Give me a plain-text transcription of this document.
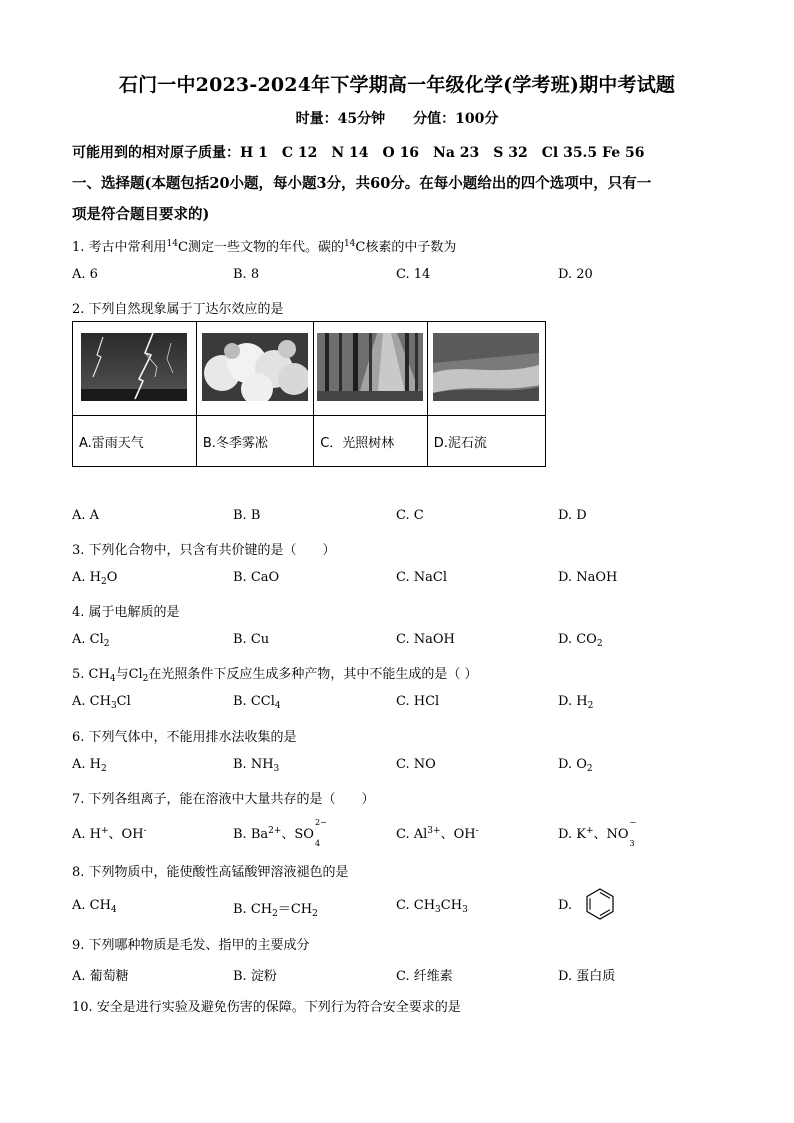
石门一中2023-2024年下学期高一年级化学(学考班)期中考试题
时量：45分钟 分值：100分
可能用到的相对原子质量：H 1　C 12　N 14　O 16　Na 23　S 32　Cl 35.5 Fe 56
一、选择题(本题包括20小题，每小题3分，共60分。在每小题给出的四个选项中，只有一
项是符合题目要求的)
1. 考古中常利用$^{14}$C测定一些文物的年代。碳的$^{14}$C核素的中子数为
A. 6	B. 8	C. 14	D. 20
2. 下列自然现象属于丁达尔效应的是

A.雷雨天气	B.冬季雾凇	C．光照树林	D.泥石流
A. A	B. B	C. C	D. D
3. 下列化合物中，只含有共价键的是（　　）
A. $H_2O$	B. CaO	C. NaCl	D. NaOH
4. 属于电解质的是
A. $Cl_2$	B. Cu	C. NaOH	D. $CO_2$
5. $CH_4$与$Cl_2$在光照条件下反应生成多种产物，其中不能生成的是（ ）
A. $CH_3Cl$	B. CCl$_4$	C. HCl	D. $H_2$
6. 下列气体中，不能用排水法收集的是
A. $H_2$	B. $NH_3$	C. NO	D. $O_2$
7. 下列各组离子，能在溶液中大量共存的是（　　）
A. H+、OH-	B. $Ba^{2+}$、SO
2−
4
C. $Al^{3+}$、OH-	D. K+、NO
−
3
8. 下列物质中，能使酸性高锰酸钾溶液褪色的是
A. $CH_4$	B. $CH_2=CH_2$
C. $CH_3CH_3$	D.
9. 下列哪种物质是毛发、指甲的主要成分
A. 葡萄糖	B. 淀粉	C. 纤维素	D. 蛋白质
10. 安全是进行实验及避免伤害的保障。下列行为符合安全要求的是
